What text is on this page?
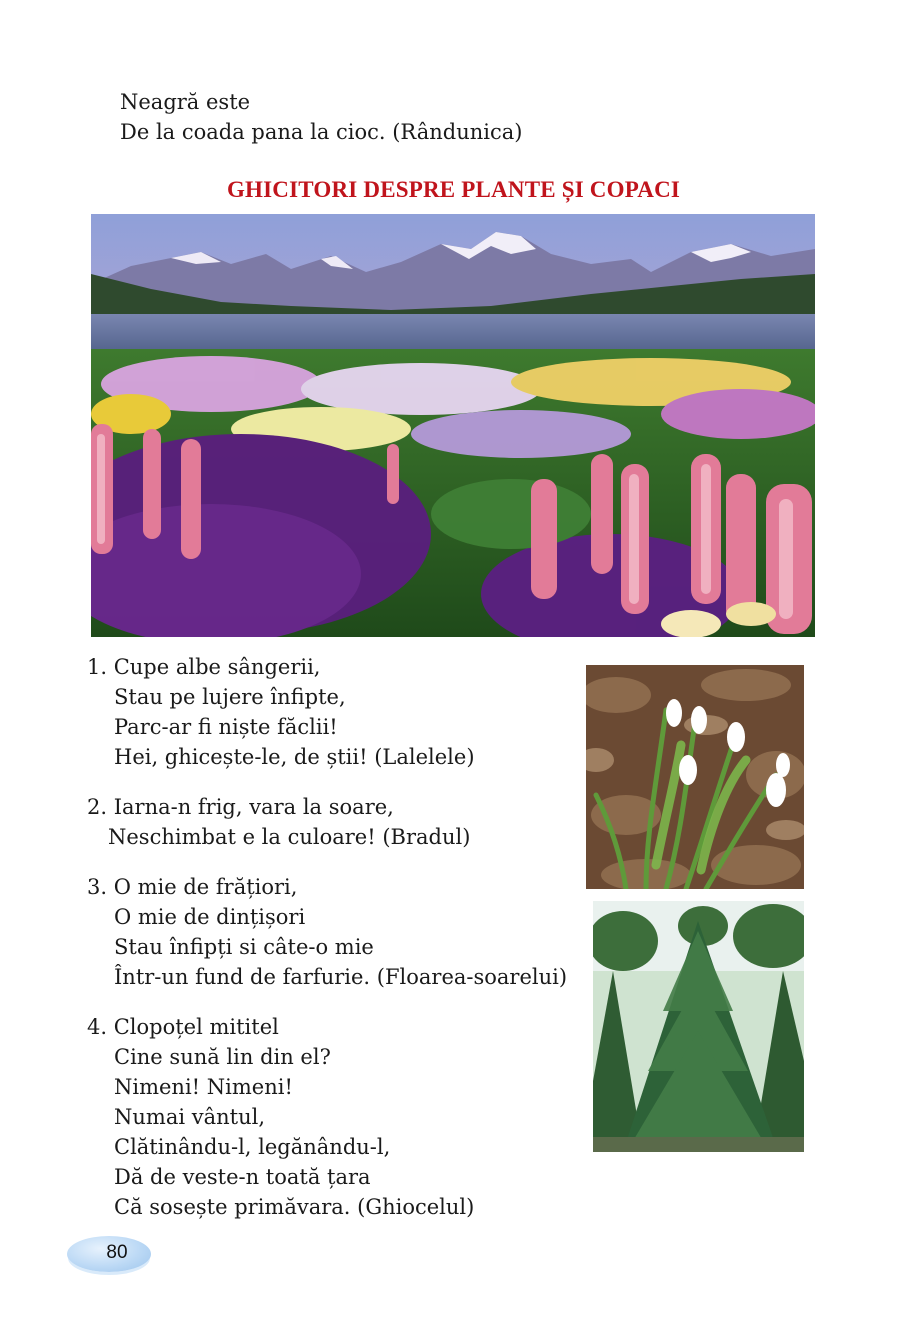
Neagră este
De la coada pana la cioc. (Rândunica)
GHICITORI DESPRE PLANTE ȘI COPACI
1. Cupe albe sângerii,
Stau pe lujere înfipte,
Parc-ar fi niște făclii!
Hei, ghicește-le, de știi! (Lalelele)
2. Iarna-n frig, vara la soare,
Neschimbat e la culoare! (Bradul)
3. O mie de frățiori,
O mie de dințișori
Stau înfipți si câte-o mie
Într-un fund de farfurie. (Floarea-soarelui)
4. Clopoțel mititel
Cine sună lin din el?
Nimeni! Nimeni!
Numai vântul,
Clătinându-l, legănându-l,
Dă de veste-n toată țara
Că sosește primăvara. (Ghiocelul)
80
